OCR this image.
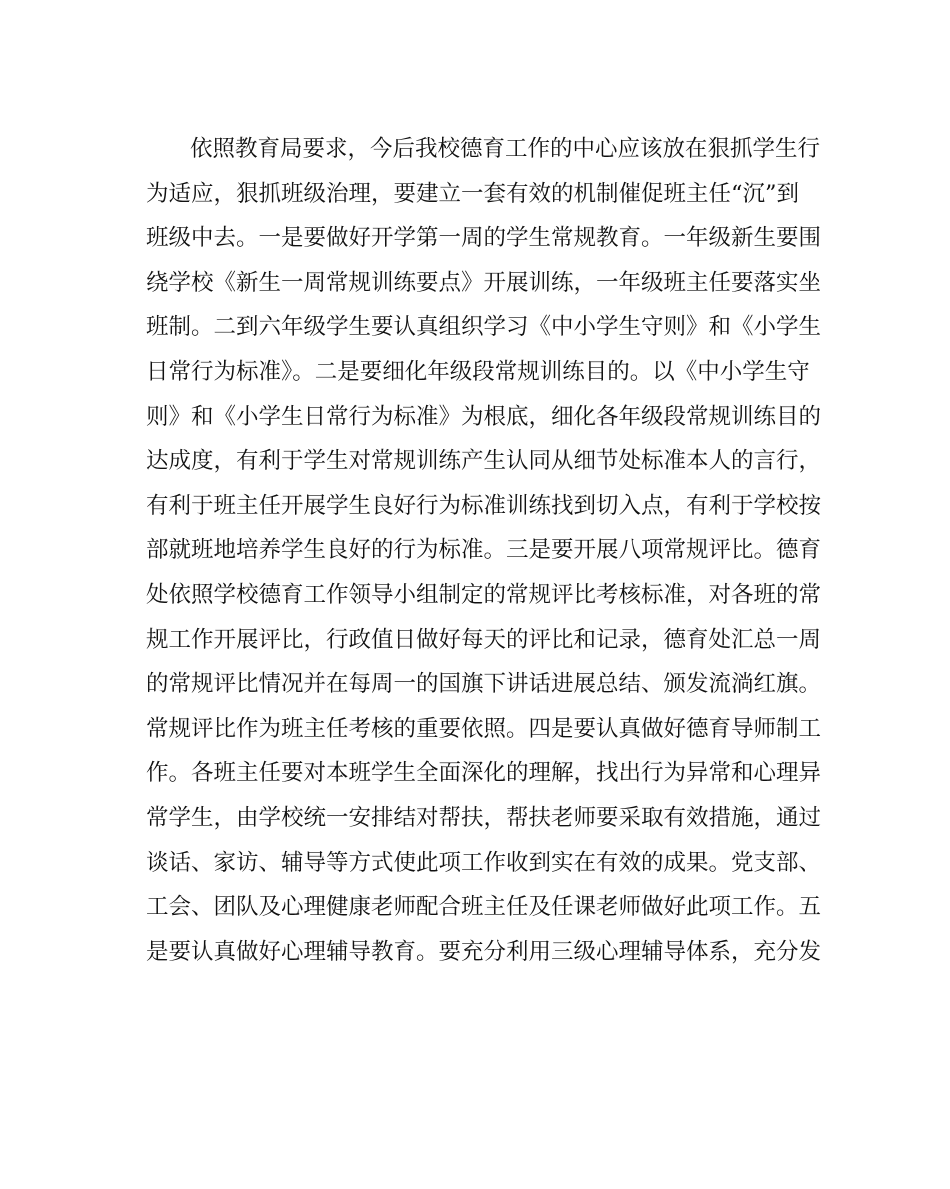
依照教育局要求，今后我校德育工作的中心应该放在狠抓学生行
为适应，狠抓班级治理，要建立一套有效的机制催促班主任“沉”到
班级中去。一是要做好开学第一周的学生常规教育。一年级新生要围
绕学校《新生一周常规训练要点》开展训练，一年级班主任要落实坐
班制。二到六年级学生要认真组织学习《中小学生守则》和《小学生
日常行为标准》。二是要细化年级段常规训练目的。以《中小学生守
则》和《小学生日常行为标准》为根底，细化各年级段常规训练目的
达成度，有利于学生对常规训练产生认同从细节处标准本人的言行，
有利于班主任开展学生良好行为标准训练找到切入点，有利于学校按
部就班地培养学生良好的行为标准。三是要开展八项常规评比。德育
处依照学校德育工作领导小组制定的常规评比考核标准，对各班的常
规工作开展评比，行政值日做好每天的评比和记录，德育处汇总一周
的常规评比情况并在每周一的国旗下讲话进展总结、颁发流淌红旗。
常规评比作为班主任考核的重要依照。四是要认真做好德育导师制工
作。各班主任要对本班学生全面深化的理解，找出行为异常和心理异
常学生，由学校统一安排结对帮扶，帮扶老师要采取有效措施，通过
谈话、家访、辅导等方式使此项工作收到实在有效的成果。党支部、
工会、团队及心理健康老师配合班主任及任课老师做好此项工作。五
是要认真做好心理辅导教育。要充分利用三级心理辅导体系，充分发
